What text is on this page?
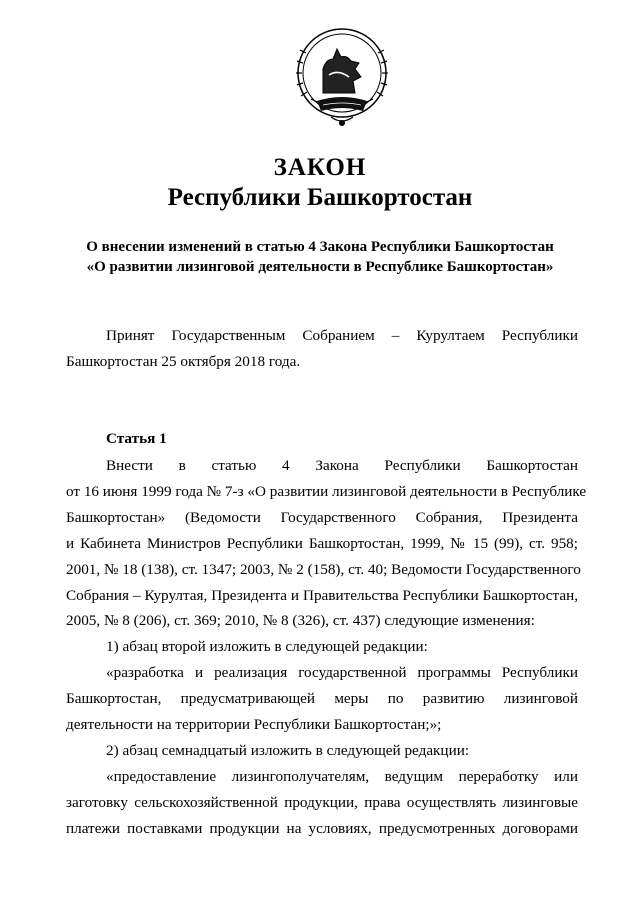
ЗАКОН
Республики Башкортостан
О внесении изменений в статью 4 Закона Республики Башкортостан
«О развитии лизинговой деятельности в Республике Башкортостан»
Принят Государственным Собранием – Курултаем Республики
Башкортостан 25 октября 2018 года.
Статья 1
Внести в статью 4 Закона Республики Башкортостан
от 16 июня 1999 года № 7-з «О развитии лизинговой деятельности в Республике
Башкортостан» (Ведомости Государственного Собрания, Президента
и Кабинета Министров Республики Башкортостан, 1999, № 15 (99), ст. 958;
2001, № 18 (138), ст. 1347; 2003, № 2 (158), ст. 40; Ведомости Государственного
Собрания – Курултая, Президента и Правительства Республики Башкортостан,
2005, № 8 (206), ст. 369; 2010, № 8 (326), ст. 437) следующие изменения:
1) абзац второй изложить в следующей редакции:
«разработка и реализация государственной программы Республики
Башкортостан, предусматривающей меры по развитию лизинговой
деятельности на территории Республики Башкортостан;»;
2) абзац семнадцатый изложить в следующей редакции:
«предоставление лизингополучателям, ведущим переработку или
заготовку сельскохозяйственной продукции, права осуществлять лизинговые
платежи поставками продукции на условиях, предусмотренных договорами
